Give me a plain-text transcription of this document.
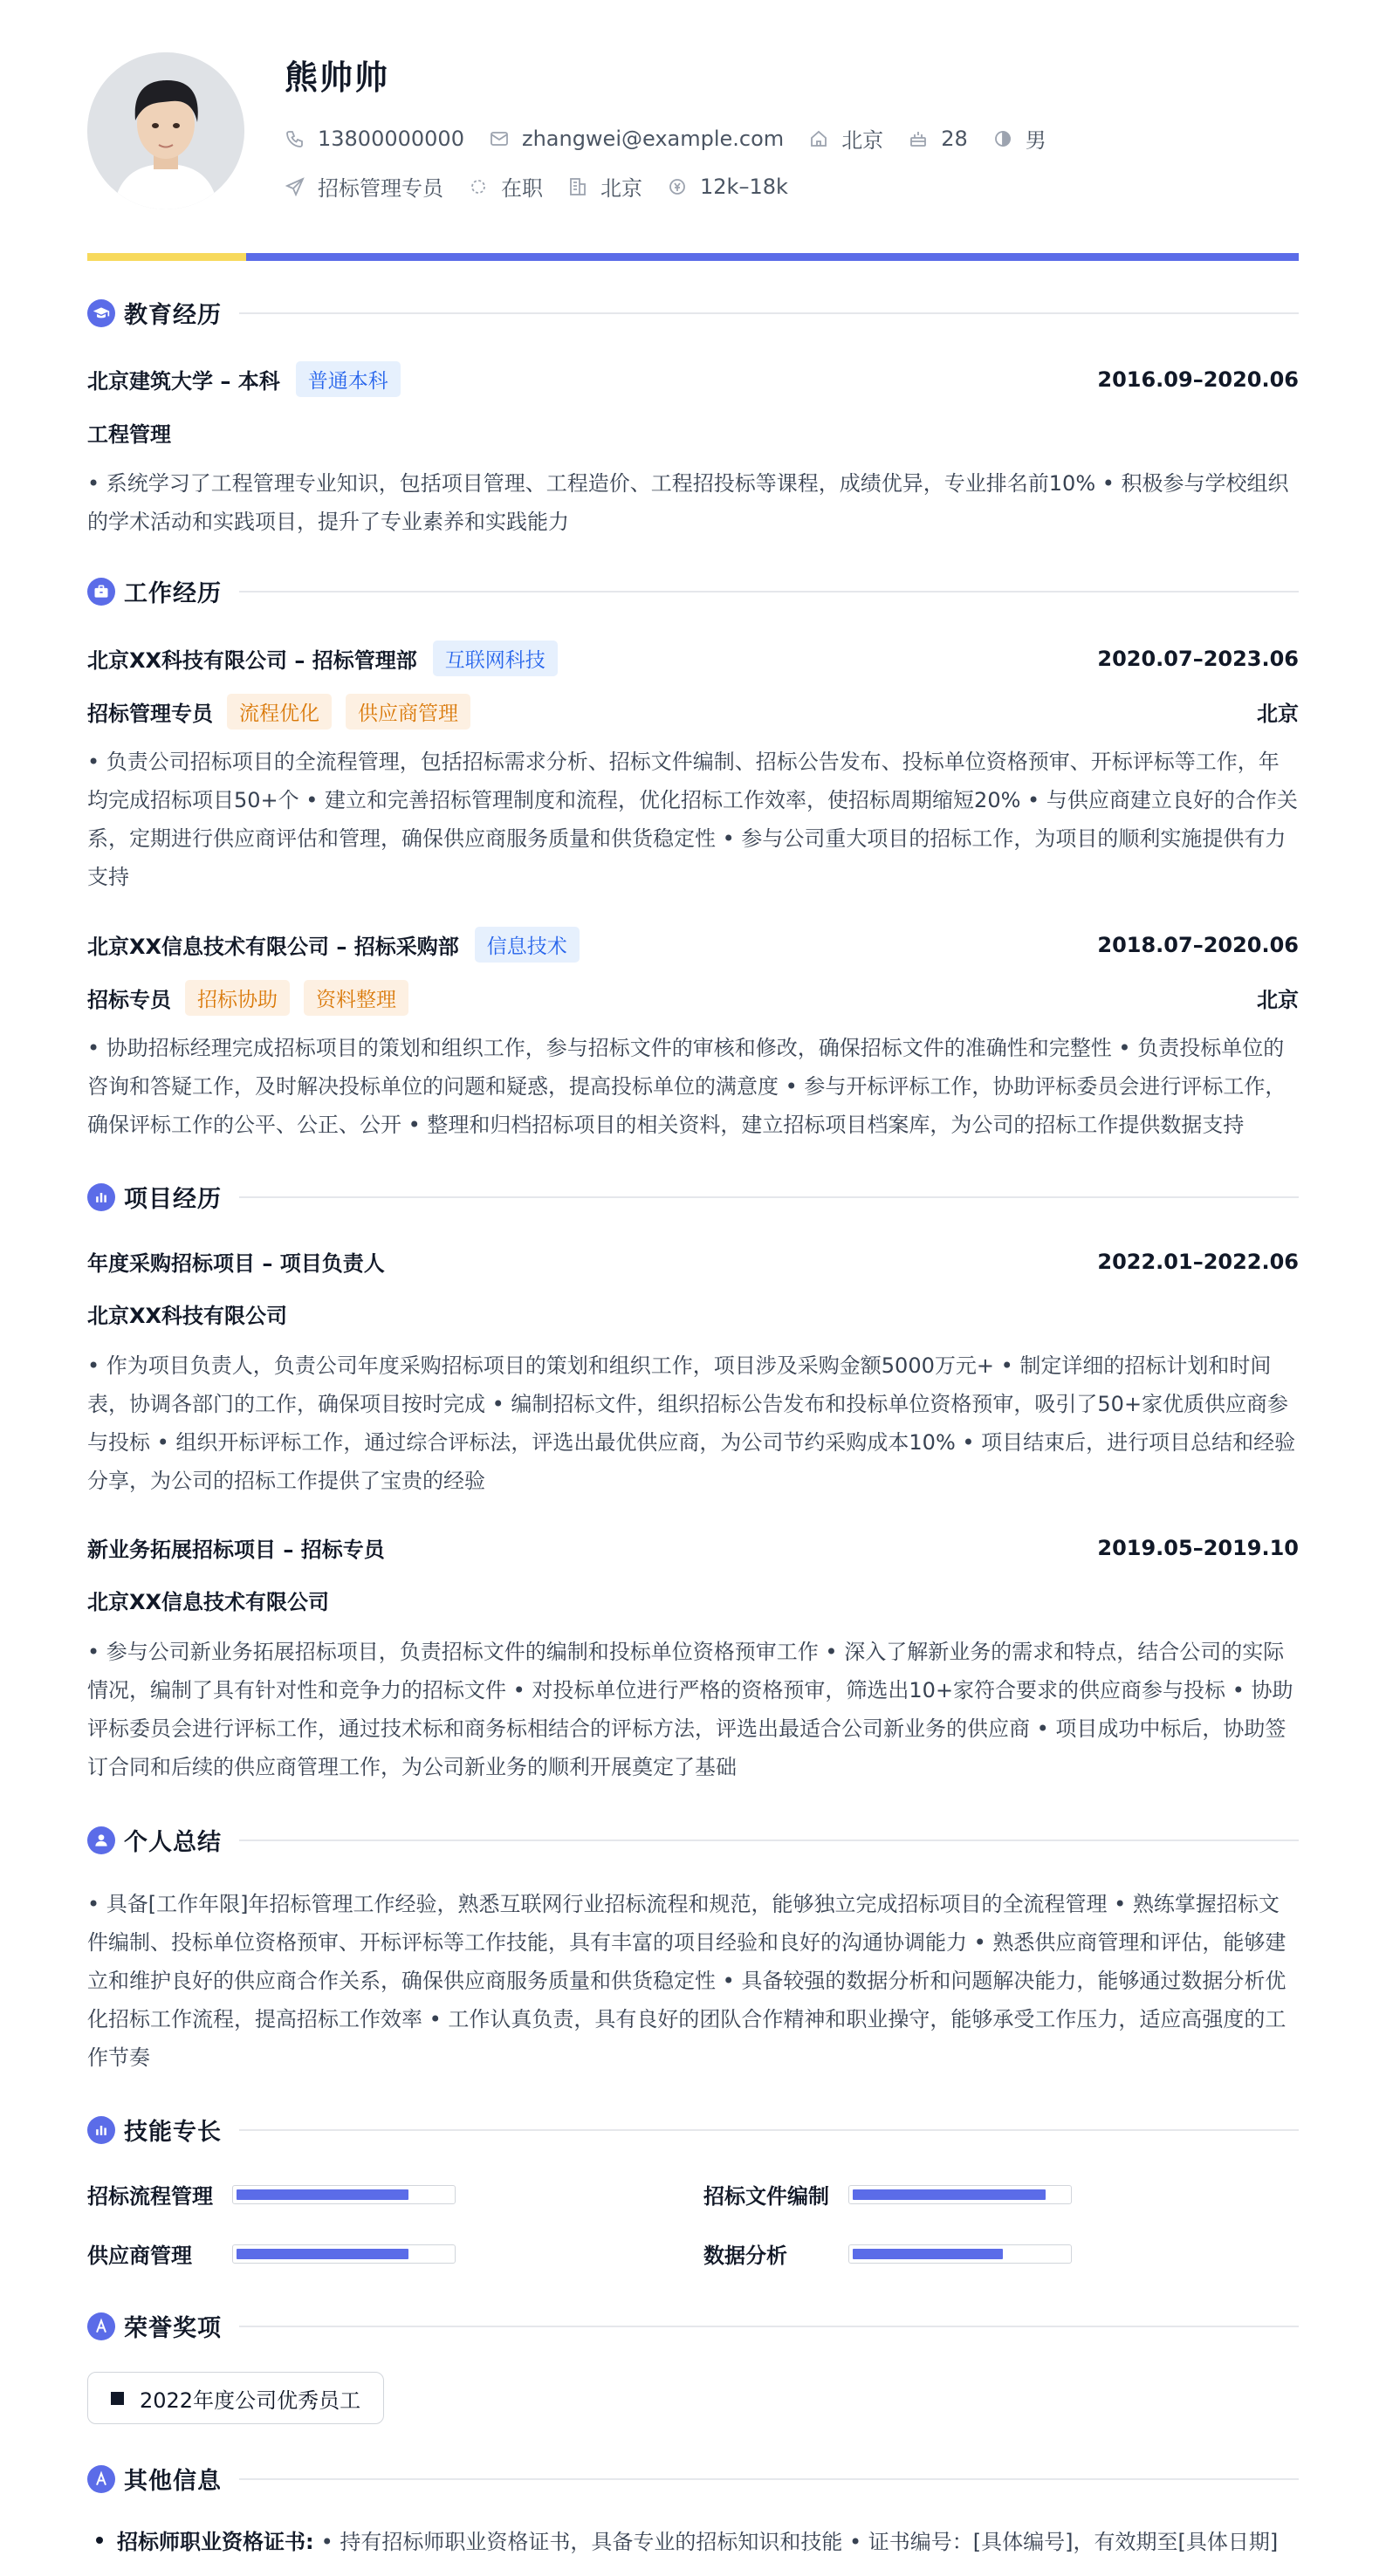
熊帅帅
13800000000	zhangwei@example.com	北京	28	男
招标管理专员	在职	北京	12k–18k
教育经历
北京建筑大学 – 本科	普通本科	2016.09–2020.06
工程管理
• 系统学习了工程管理专业知识，包括项目管理、工程造价、工程招投标等课程，成绩优异，专业排名前10% • 积极参与学校组织的学术活动和实践项目，提升了专业素养和实践能力
工作经历
北京XX科技有限公司 – 招标管理部	互联网科技	2020.07–2023.06
招标管理专员	流程优化	供应商管理	北京
• 负责公司招标项目的全流程管理，包括招标需求分析、招标文件编制、招标公告发布、投标单位资格预审、开标评标等工作，年均完成招标项目50+个 • 建立和完善招标管理制度和流程，优化招标工作效率，使招标周期缩短20% • 与供应商建立良好的合作关系，定期进行供应商评估和管理，确保供应商服务质量和供货稳定性 • 参与公司重大项目的招标工作，为项目的顺利实施提供有力支持
北京XX信息技术有限公司 – 招标采购部	信息技术	2018.07–2020.06
招标专员	招标协助	资料整理	北京
• 协助招标经理完成招标项目的策划和组织工作，参与招标文件的审核和修改，确保招标文件的准确性和完整性 • 负责投标单位的咨询和答疑工作，及时解决投标单位的问题和疑惑，提高投标单位的满意度 • 参与开标评标工作，协助评标委员会进行评标工作，确保评标工作的公平、公正、公开 • 整理和归档招标项目的相关资料，建立招标项目档案库，为公司的招标工作提供数据支持
项目经历
年度采购招标项目 – 项目负责人	2022.01–2022.06
北京XX科技有限公司
• 作为项目负责人，负责公司年度采购招标项目的策划和组织工作，项目涉及采购金额5000万元+ • 制定详细的招标计划和时间表，协调各部门的工作，确保项目按时完成 • 编制招标文件，组织招标公告发布和投标单位资格预审，吸引了50+家优质供应商参与投标 • 组织开标评标工作，通过综合评标法，评选出最优供应商，为公司节约采购成本10% • 项目结束后，进行项目总结和经验分享，为公司的招标工作提供了宝贵的经验
新业务拓展招标项目 – 招标专员	2019.05–2019.10
北京XX信息技术有限公司
• 参与公司新业务拓展招标项目，负责招标文件的编制和投标单位资格预审工作 • 深入了解新业务的需求和特点，结合公司的实际情况，编制了具有针对性和竞争力的招标文件 • 对投标单位进行严格的资格预审，筛选出10+家符合要求的供应商参与投标 • 协助评标委员会进行评标工作，通过技术标和商务标相结合的评标方法，评选出最适合公司新业务的供应商 • 项目成功中标后，协助签订合同和后续的供应商管理工作，为公司新业务的顺利开展奠定了基础
个人总结
• 具备[工作年限]年招标管理工作经验，熟悉互联网行业招标流程和规范，能够独立完成招标项目的全流程管理 • 熟练掌握招标文件编制、投标单位资格预审、开标评标等工作技能，具有丰富的项目经验和良好的沟通协调能力 • 熟悉供应商管理和评估，能够建立和维护良好的供应商合作关系，确保供应商服务质量和供货稳定性 • 具备较强的数据分析和问题解决能力，能够通过数据分析优化招标工作流程，提高招标工作效率 • 工作认真负责，具有良好的团队合作精神和职业操守，能够承受工作压力，适应高强度的工作节奏
技能专长
招标流程管理	招标文件编制
供应商管理	数据分析
荣誉奖项
2022年度公司优秀员工
其他信息
招标师职业资格证书: • 持有招标师职业资格证书，具备专业的招标知识和技能 • 证书编号：[具体编号]，有效期至[具体日期]
